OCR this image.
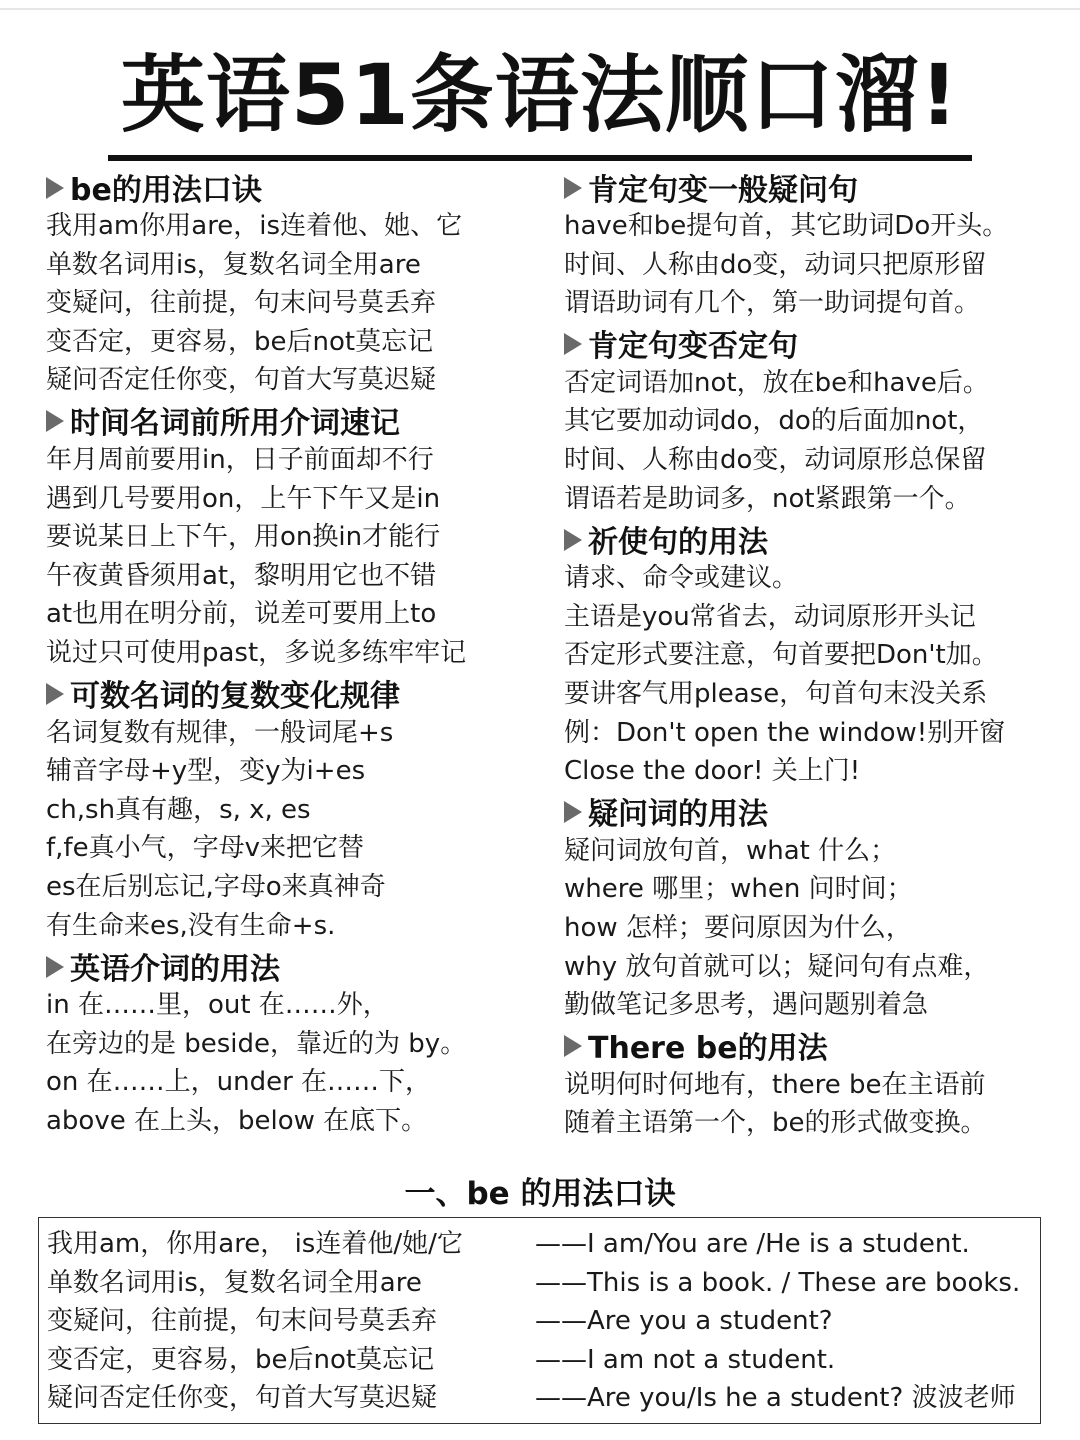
英语51条语法顺口溜!
be的用法口诀
我用am你用are，is连着他、她、它
单数名词用is，复数名词全用are
变疑问，往前提，句末问号莫丢弃
变否定，更容易，be后not莫忘记
疑问否定任你变，句首大写莫迟疑
时间名词前所用介词速记
年月周前要用in，日子前面却不行
遇到几号要用on，上午下午又是in
要说某日上下午，用on换in才能行
午夜黄昏须用at，黎明用它也不错
at也用在明分前，说差可要用上to
说过只可使用past，多说多练牢牢记
可数名词的复数变化规律
名词复数有规律，一般词尾+s
辅音字母+y型，变y为i+es
ch,sh真有趣，s, x, es
f,fe真小气，字母v来把它替
es在后别忘记,字母o来真神奇
有生命来es,没有生命+s.
英语介词的用法
in 在……里，out 在……外，
在旁边的是 beside，靠近的为 by。
on 在……上，under 在……下，
above 在上头，below 在底下。
肯定句变一般疑问句
have和be提句首，其它助词Do开头。
时间、人称由do变，动词只把原形留
谓语助词有几个，第一助词提句首。
肯定句变否定句
否定词语加not，放在be和have后。
其它要加动词do，do的后面加not，
时间、人称由do变，动词原形总保留
谓语若是助词多，not紧跟第一个。
祈使句的用法
请求、命令或建议。
主语是you常省去，动词原形开头记
否定形式要注意，句首要把Don't加。
要讲客气用please，句首句末没关系
例：Don't open the window!别开窗
Close the door! 关上门!
疑问词的用法
疑问词放句首，what 什么；
where 哪里；when 问时间；
how 怎样；要问原因为什么，
why 放句首就可以；疑问句有点难，
勤做笔记多思考，遇问题别着急
There be的用法
说明何时何地有，there be在主语前
随着主语第一个，be的形式做变换。
一、be 的用法口诀
我用am，你用are， is连着他/她/它	——I am/You are /He is a student.
单数名词用is，复数名词全用are	——This is a book. / These are books.
变疑问，往前提，句末问号莫丢弃	——Are you a student?
变否定，更容易，be后not莫忘记	——I am not a student.
疑问否定任你变，句首大写莫迟疑	——Are you/Is he a student? 波波老师
